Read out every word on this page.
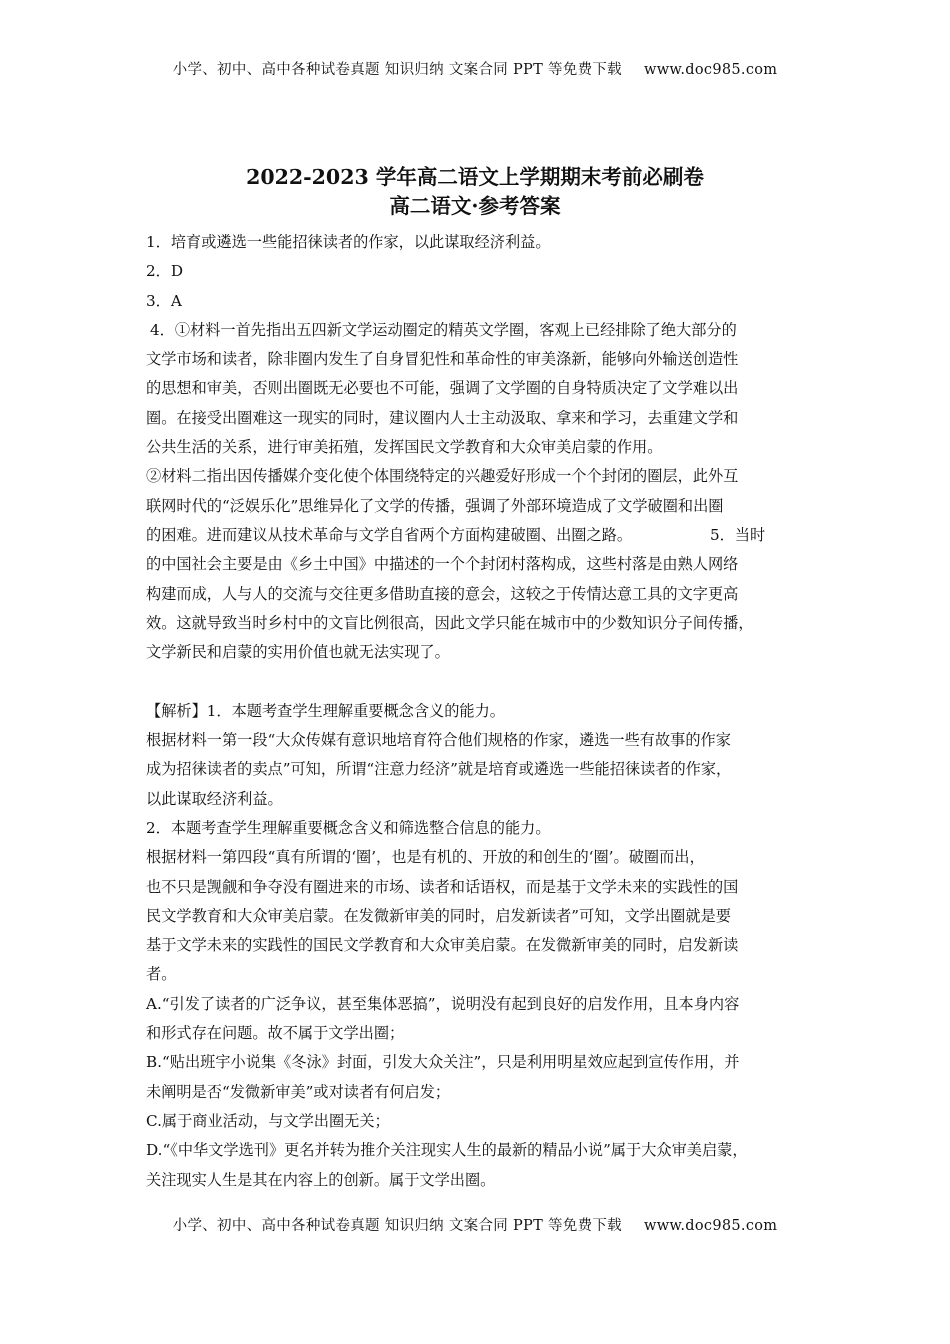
小学、初中、高中各种试卷真题 知识归纳 文案合同 PPT 等免费下载 www.doc985.com
2022-2023 学年高二语文上学期期末考前必刷卷
高二语文·参考答案

1．培育或遴选一些能招徕读者的作家，以此谋取经济利益。

2．D

3．A

4．①材料一首先指出五四新文学运动圈定的精英文学圈，客观上已经排除了绝大部分的

文学市场和读者，除非圈内发生了自身冒犯性和革命性的审美涤新，能够向外输送创造性

的思想和审美，否则出圈既无必要也不可能，强调了文学圈的自身特质决定了文学难以出

圈。在接受出圈难这一现实的同时，建议圈内人士主动汲取、拿来和学习，去重建文学和

公共生活的关系，进行审美拓殖，发挥国民文学教育和大众审美启蒙的作用。

②材料二指出因传播媒介变化使个体围绕特定的兴趣爱好形成一个个封闭的圈层，此外互

联网时代的“泛娱乐化”思维异化了文学的传播，强调了外部环境造成了文学破圈和出圈

的困难。进而建议从技术革命与文学自省两个方面构建破圈、出圈之路。	5．当时

的中国社会主要是由《乡土中国》中描述的一个个封闭村落构成，这些村落是由熟人网络

构建而成，人与人的交流与交往更多借助直接的意会，这较之于传情达意工具的文字更高

效。这就导致当时乡村中的文盲比例很高，因此文学只能在城市中的少数知识分子间传播，

文学新民和启蒙的实用价值也就无法实现了。

【解析】1．本题考查学生理解重要概念含义的能力。

根据材料一第一段“大众传媒有意识地培育符合他们规格的作家，遴选一些有故事的作家

成为招徕读者的卖点”可知，所谓“注意力经济”就是培育或遴选一些能招徕读者的作家，

以此谋取经济利益。

2．本题考查学生理解重要概念含义和筛选整合信息的能力。

根据材料一第四段“真有所谓的‘圈’，也是有机的、开放的和创生的‘圈’。破圈而出，

也不只是觊觎和争夺没有圈进来的市场、读者和话语权，而是基于文学未来的实践性的国

民文学教育和大众审美启蒙。在发微新审美的同时，启发新读者”可知，文学出圈就是要

基于文学未来的实践性的国民文学教育和大众审美启蒙。在发微新审美的同时，启发新读

者。

A.“引发了读者的广泛争议，甚至集体恶搞”，说明没有起到良好的启发作用，且本身内容

和形式存在问题。故不属于文学出圈；

B.“贴出班宇小说集《冬泳》封面，引发大众关注”，只是利用明星效应起到宣传作用，并

未阐明是否“发微新审美”或对读者有何启发；

C.属于商业活动，与文学出圈无关；

D.“《中华文学选刊》更名并转为推介关注现实人生的最新的精品小说”属于大众审美启蒙，

关注现实人生是其在内容上的创新。属于文学出圈。

小学、初中、高中各种试卷真题 知识归纳 文案合同 PPT 等免费下载 www.doc985.com
